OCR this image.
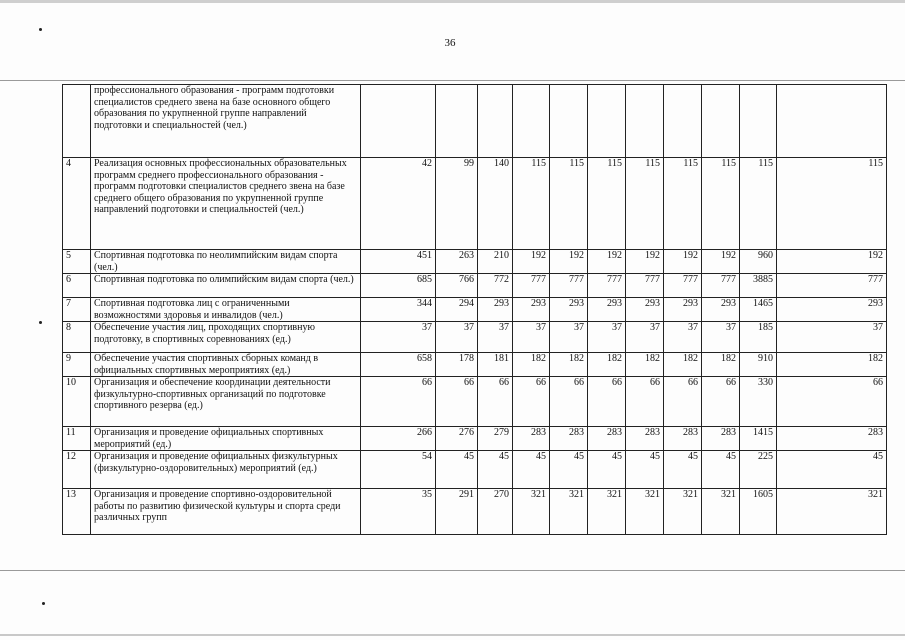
36
	профессионального образования - программ подготовки специалистов среднего звена на базе основного общего образования по укрупненной группе направлений подготовки и специальностей (чел.)											
4	Реализация основных профессиональных образовательных программ среднего профессионального образования - программ подготовки специалистов среднего звена на базе среднего общего образования по укрупненной группе направлений подготовки и специальностей (чел.)	42	99	140	115	115	115	115	115	115	115	115
5	Спортивная подготовка по неолимпийским видам спорта (чел.)	451	263	210	192	192	192	192	192	192	960	192
6	Спортивная подготовка по олимпийским видам спорта (чел.)	685	766	772	777	777	777	777	777	777	3885	777
7	Спортивная подготовка лиц с ограниченными возможностями здоровья и инвалидов (чел.)	344	294	293	293	293	293	293	293	293	1465	293
8	Обеспечение участия лиц, проходящих спортивную подготовку, в спортивных соревнованиях (ед.)	37	37	37	37	37	37	37	37	37	185	37
9	Обеспечение участия спортивных сборных команд в официальных спортивных мероприятиях (ед.)	658	178	181	182	182	182	182	182	182	910	182
10	Организация и обеспечение координации деятельности физкультурно-спортивных организаций по подготовке спортивного резерва (ед.)	66	66	66	66	66	66	66	66	66	330	66
11	Организация и проведение официальных спортивных мероприятий (ед.)	266	276	279	283	283	283	283	283	283	1415	283
12	Организация и проведение официальных физкультурных (физкультурно-оздоровительных) мероприятий (ед.)	54	45	45	45	45	45	45	45	45	225	45
13	Организация и проведение спортивно-оздоровительной работы по развитию физической культуры и спорта среди различных групп	35	291	270	321	321	321	321	321	321	1605	321
